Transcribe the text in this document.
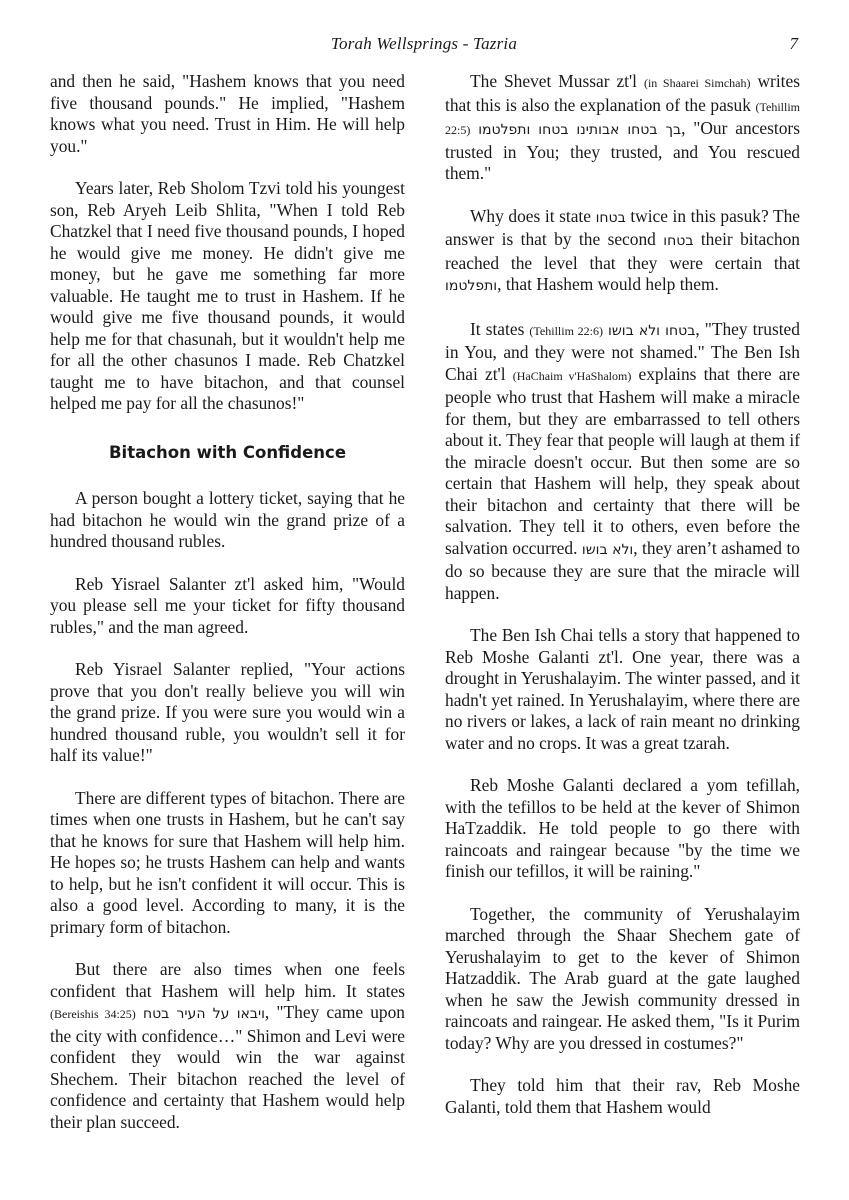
Torah Wellsprings - Tazria	7

and then he said, "Hashem knows that you need five thousand pounds." He implied, "Hashem knows what you need. Trust in Him. He will help you."

Years later, Reb Sholom Tzvi told his youngest son, Reb Aryeh Leib Shlita, "When I told Reb Chatzkel that I need five thousand pounds, I hoped he would give me money. He didn't give me money, but he gave me something far more valuable. He taught me to trust in Hashem. If he would give me five thousand pounds, it would help me for that chasunah, but it wouldn't help me for all the other chasunos I made. Reb Chatzkel taught me to have bitachon, and that counsel helped me pay for all the chasunos!"

Bitachon with Confidence

A person bought a lottery ticket, saying that he had bitachon he would win the grand prize of a hundred thousand rubles.

Reb Yisrael Salanter zt'l asked him, "Would you please sell me your ticket for fifty thousand rubles," and the man agreed.

Reb Yisrael Salanter replied, "Your actions prove that you don't really believe you will win the grand prize. If you were sure you would win a hundred thousand ruble, you wouldn't sell it for half its value!"

There are different types of bitachon. There are times when one trusts in Hashem, but he can't say that he knows for sure that Hashem will help him. He hopes so; he trusts Hashem can help and wants to help, but he isn't confident it will occur. This is also a good level. According to many, it is the primary form of bitachon.

But there are also times when one feels confident that Hashem will help him. It states (Bereishis 34:25) ויבאו על העיר בטח, "They came upon the city with confidence…" Shimon and Levi were confident they would win the war against Shechem. Their bitachon reached the level of confidence and certainty that Hashem would help their plan succeed.

The Shevet Mussar zt'l (in Shaarei Simchah) writes that this is also the explanation of the pasuk (Tehillim 22:5) בך בטחו אבותינו בטחו ותפלטמו, "Our ancestors trusted in You; they trusted, and You rescued them."

Why does it state בטחו twice in this pasuk? The answer is that by the second בטחו their bitachon reached the level that they were certain that ותפלטמו, that Hashem would help them.

It states (Tehillim 22:6) בטחו ולא בושו, "They trusted in You, and they were not shamed." The Ben Ish Chai zt'l (HaChaim v'HaShalom) explains that there are people who trust that Hashem will make a miracle for them, but they are embarrassed to tell others about it. They fear that people will laugh at them if the miracle doesn't occur. But then some are so certain that Hashem will help, they speak about their bitachon and certainty that there will be salvation. They tell it to others, even before the salvation occurred. ולא בושו, they aren’t ashamed to do so because they are sure that the miracle will happen.

The Ben Ish Chai tells a story that happened to Reb Moshe Galanti zt'l. One year, there was a drought in Yerushalayim. The winter passed, and it hadn't yet rained. In Yerushalayim, where there are no rivers or lakes, a lack of rain meant no drinking water and no crops. It was a great tzarah.

Reb Moshe Galanti declared a yom tefillah, with the tefillos to be held at the kever of Shimon HaTzaddik. He told people to go there with raincoats and raingear because "by the time we finish our tefillos, it will be raining."

Together, the community of Yerushalayim marched through the Shaar Shechem gate of Yerushalayim to get to the kever of Shimon Hatzaddik. The Arab guard at the gate laughed when he saw the Jewish community dressed in raincoats and raingear. He asked them, "Is it Purim today? Why are you dressed in costumes?"

They told him that their rav, Reb Moshe Galanti, told them that Hashem would
